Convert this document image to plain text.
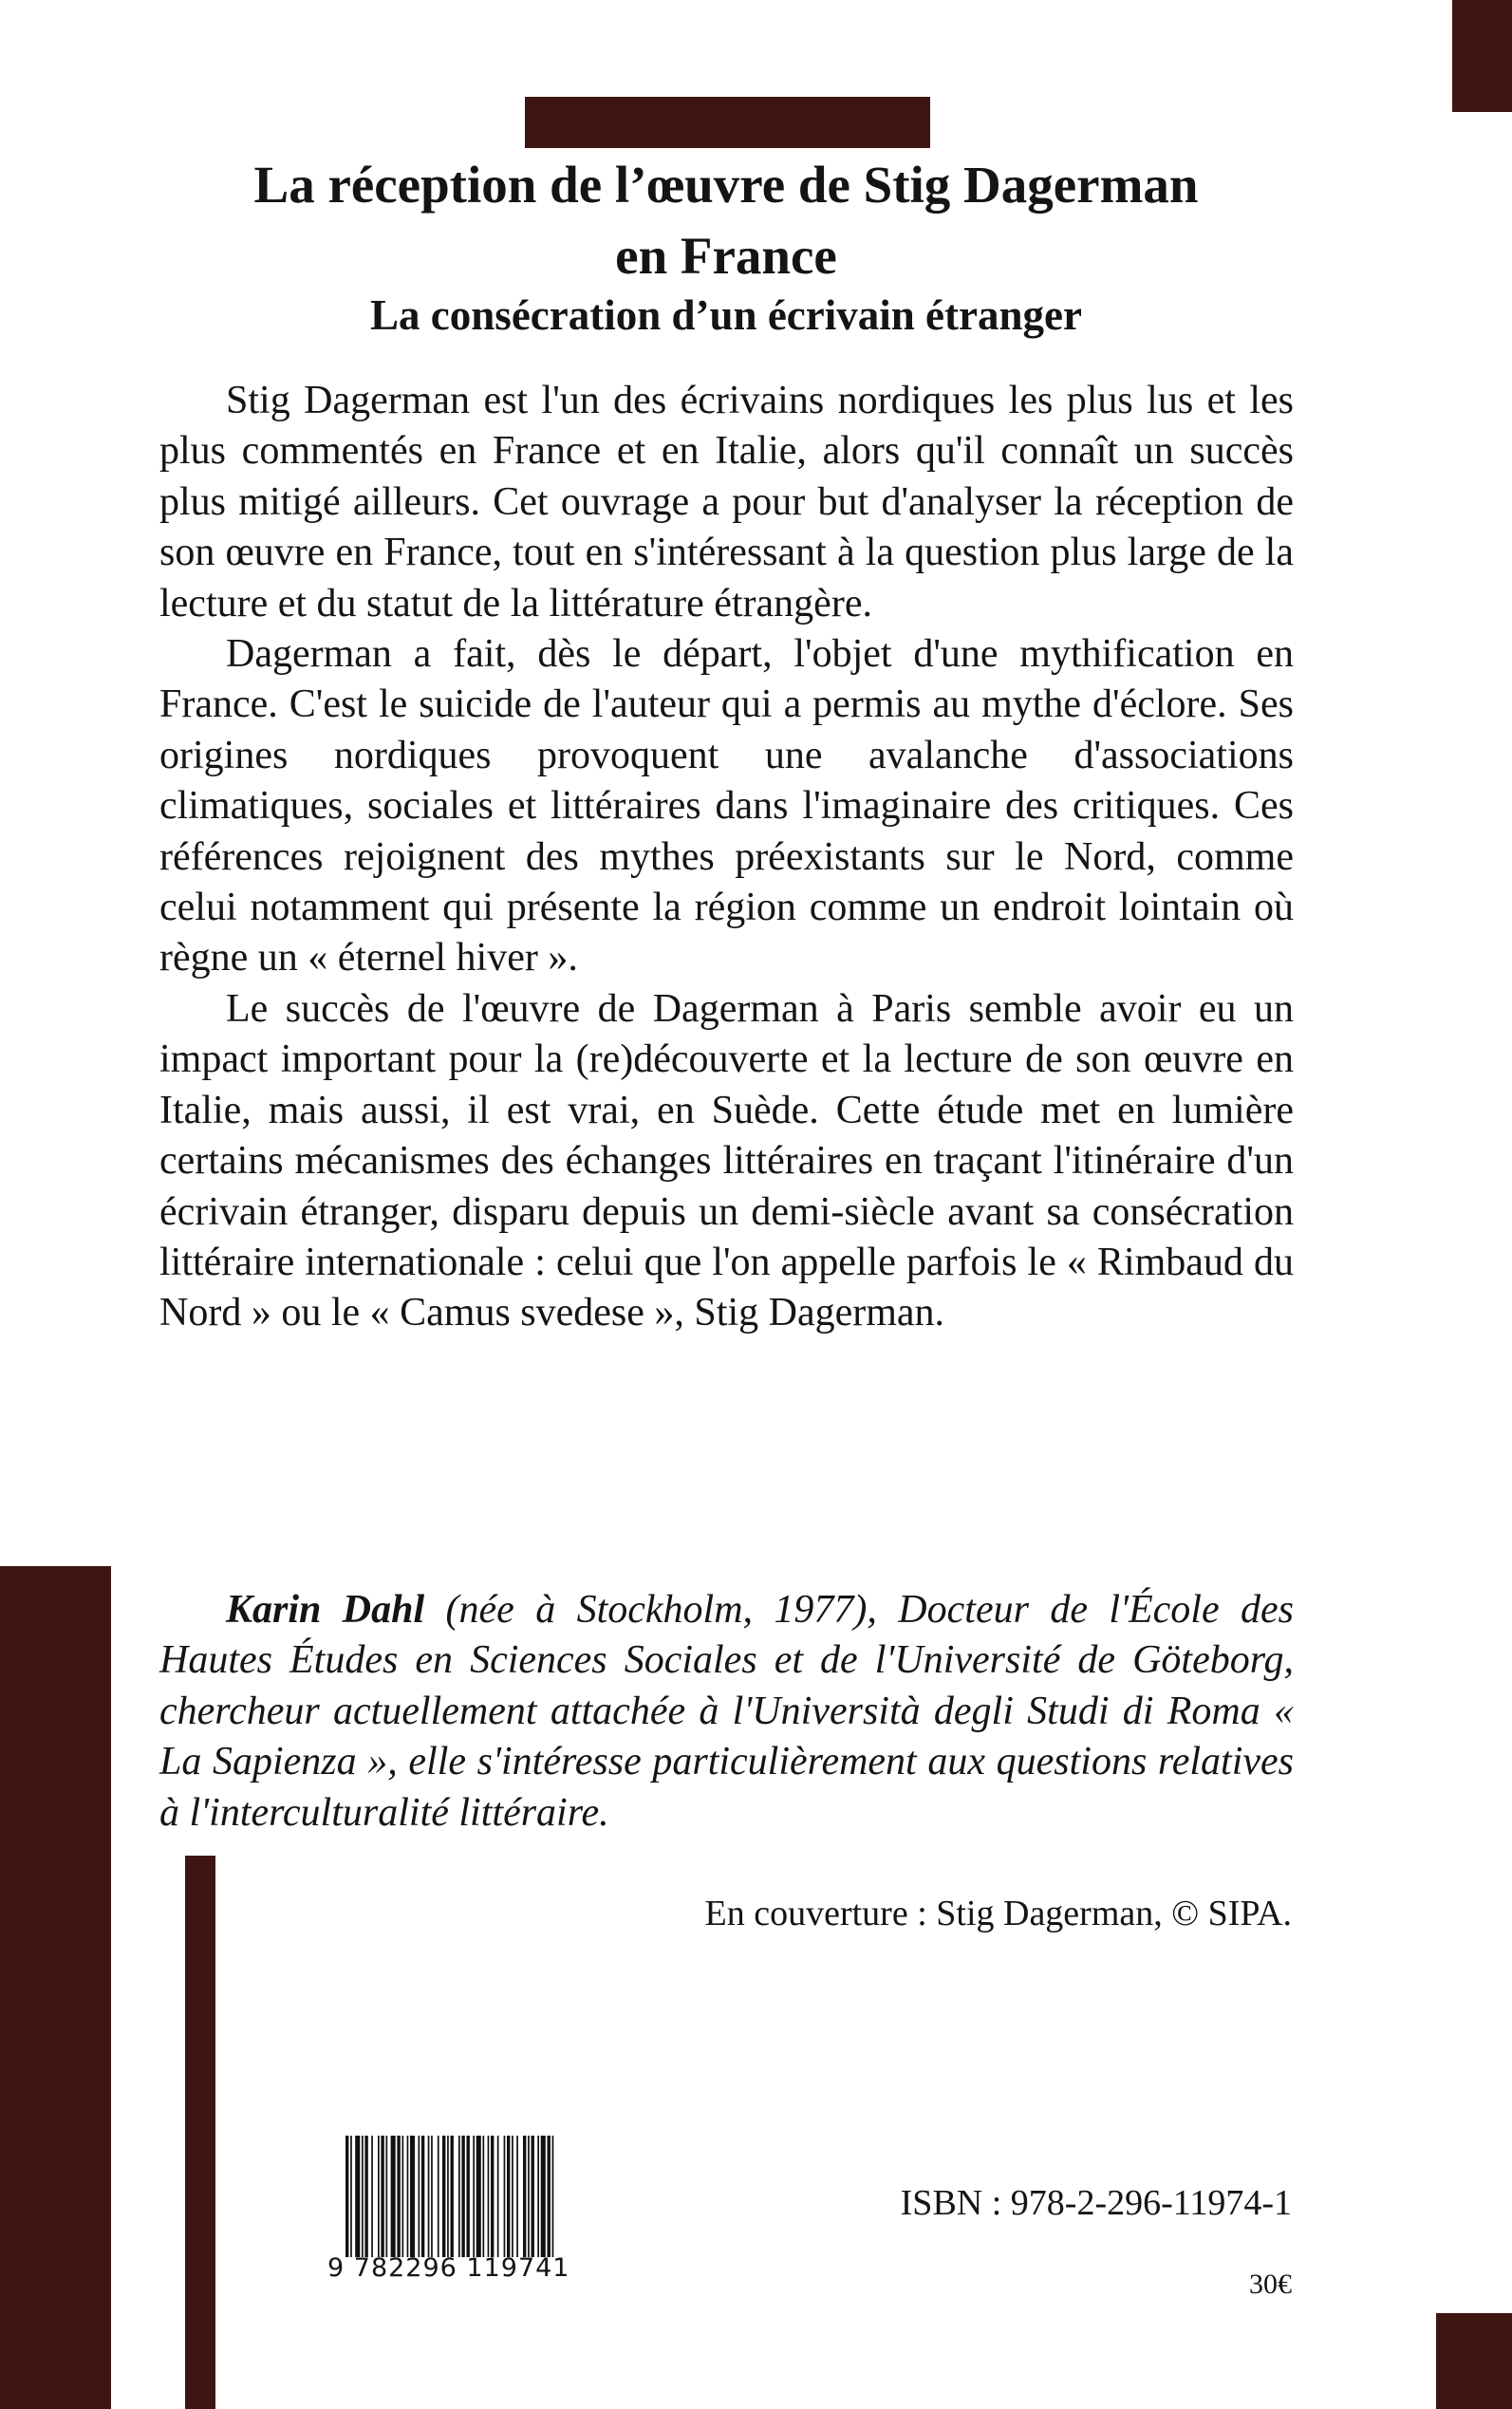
La réception de l’œuvre de Stig Dagerman
en France
La consécration d’un écrivain étranger

Stig Dagerman est l'un des écrivains nordiques les plus lus et les plus commentés en France et en Italie, alors qu'il connaît un succès plus mitigé ailleurs. Cet ouvrage a pour but d'analyser la réception de son œuvre en France, tout en s'intéressant à la question plus large de la lecture et du statut de la littérature étrangère.

Dagerman a fait, dès le départ, l'objet d'une mythification en France. C'est le suicide de l'auteur qui a permis au mythe d'éclore. Ses origines nordiques provoquent une avalanche d'associations climatiques, sociales et littéraires dans l'imaginaire des critiques. Ces références rejoignent des mythes préexistants sur le Nord, comme celui notamment qui présente la région comme un endroit lointain où règne un « éternel hiver ».

Le succès de l'œuvre de Dagerman à Paris semble avoir eu un impact important pour la (re)découverte et la lecture de son œuvre en Italie, mais aussi, il est vrai, en Suède. Cette étude met en lumière certains mécanismes des échanges littéraires en traçant l'itinéraire d'un écrivain étranger, disparu depuis un demi-siècle avant sa consécration littéraire internationale : celui que l'on appelle parfois le « Rimbaud du Nord » ou le « Camus svedese », Stig Dagerman.

Karin Dahl (née à Stockholm, 1977), Docteur de l'École des Hautes Études en Sciences Sociales et de l'Université de Göteborg, chercheur actuellement attachée à l'Università degli Studi di Roma « La Sapienza », elle s'intéresse particulièrement aux questions relatives à l'interculturalité littéraire.

En couverture : Stig Dagerman, © SIPA.
9 782296 119741
ISBN : 978-2-296-11974-1
30€
